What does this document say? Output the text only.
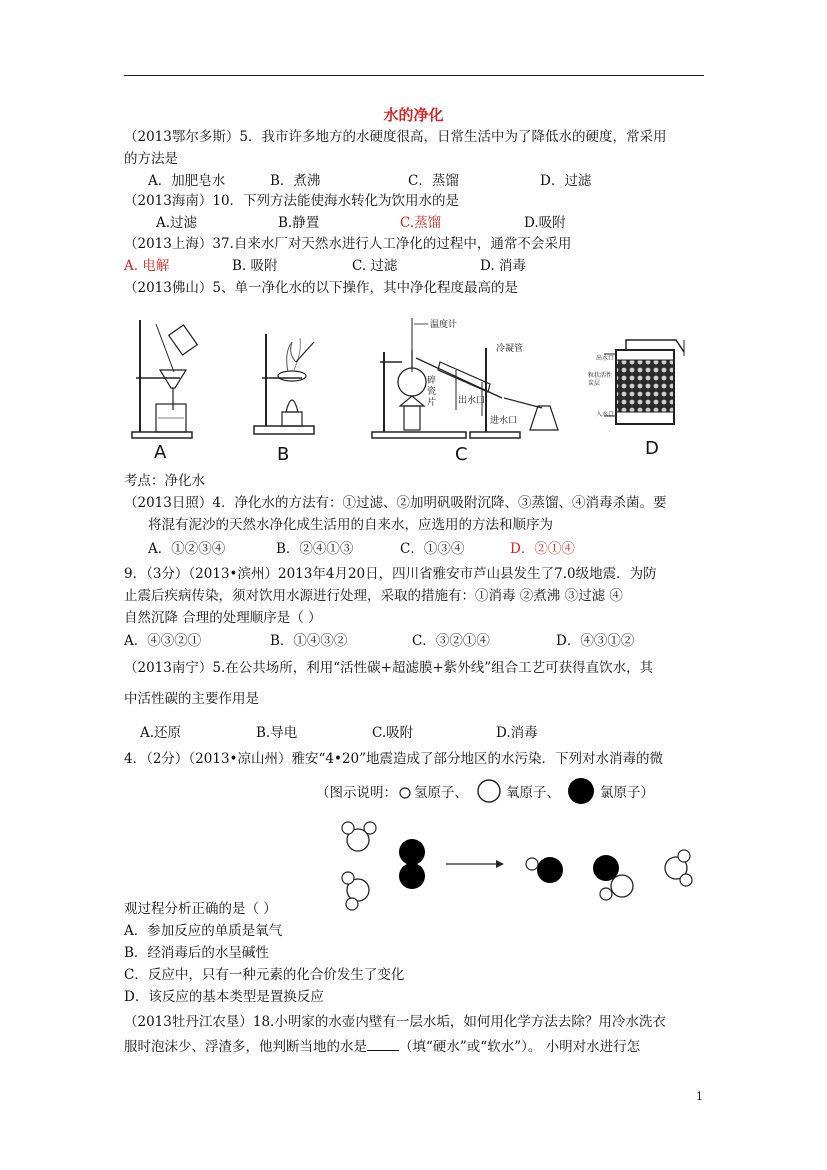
水的净化
（2013鄂尔多斯）5．我市许多地方的水硬度很高，日常生活中为了降低水的硬度，常采用
的方法是
A．加肥皂水	B．煮沸	C．蒸馏	D．过滤
（2013海南）10．下列方法能使海水转化为饮用水的是
A.过滤	B.静置	C.蒸馏	D.吸附
（2013上海）37.自来水厂对天然水进行人工净化的过程中，通常不会采用
A. 电解	B. 吸附	C. 过滤	D. 消毒
（2013佛山）5、单一净化水的以下操作，其中净化程度最高的是
A	B
温度计
冷凝管
碎瓷片 出水口
进水口
C
出水口
粒状活性炭层
入水口
D
考点：净化水
（2013日照）4．净化水的方法有：①过滤、②加明矾吸附沉降、③蒸馏、④消毒杀菌。要
将混有泥沙的天然水净化成生活用的自来水，应选用的方法和顺序为
A．①②③④	B．②④①③	C．①③④	D．②①④
9．（3分）（2013•滨州）2013年4月20日，四川省雅安市芦山县发生了7.0级地震．为防
止震后疾病传染，须对饮用水源进行处理，采取的措施有：①消毒 ②煮沸 ③过滤 ④
自然沉降 合理的处理顺序是（ ）
A．④③②①	B．①④③②	C．③②①④	D．④③①②
（2013南宁）5.在公共场所，利用“活性碳+超滤膜+紫外线”组合工艺可获得直饮水，其
中活性碳的主要作用是
A.还原	B.导电	C.吸附	D.消毒
4．（2分）（2013•凉山州）雅安“4•20”地震造成了部分地区的水污染．下列对水消毒的微
（图示说明： 氢原子、	氧原子、	氯原子）
观过程分析正确的是（ ）
A．参加反应的单质是氧气
B．经消毒后的水呈碱性
C．反应中，只有一种元素的化合价发生了变化
D．该反应的基本类型是置换反应
（2013牡丹江农垦）18.小明家的水壶内壁有一层水垢，如何用化学方法去除？用冷水洗衣
服时泡沫少、浮渣多，他判断当地的水是 （填“硬水”或“软水”）。 小明对水进行怎
1
